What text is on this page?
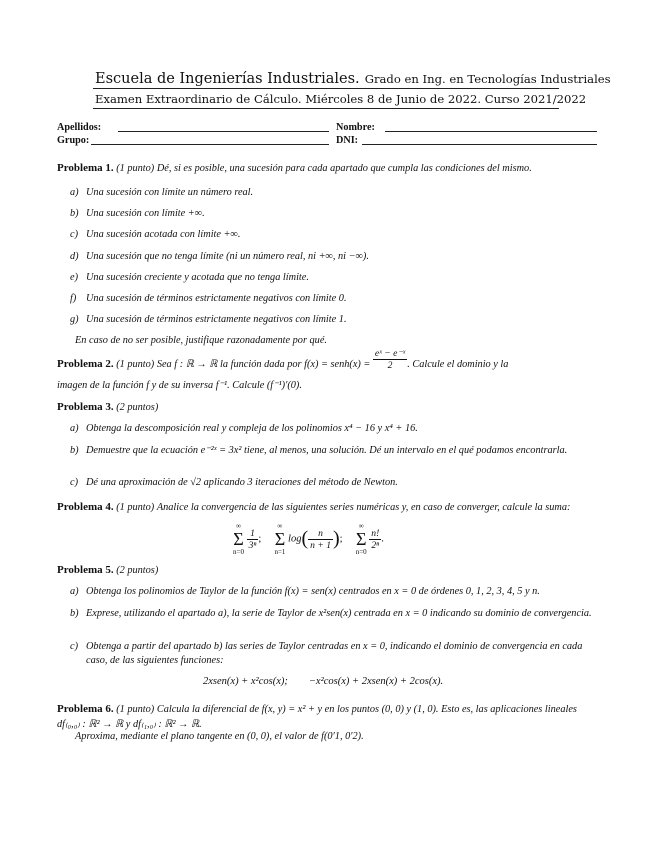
Escuela de Ingenierías Industriales. Grado en Ing. en Tecnologías Industriales
Examen Extraordinario de Cálculo. Miércoles 8 de Junio de 2022. Curso 2021/2022
Apellidos:	Nombre:
Grupo:	DNI:
Problema 1. (1 punto) Dé, si es posible, una sucesión para cada apartado que cumpla las condiciones del mismo.
a) Una sucesión con límite un número real.
b) Una sucesión con límite +∞.
c) Una sucesión acotada con límite +∞.
d) Una sucesión que no tenga límite (ni un número real, ni +∞, ni −∞).
e) Una sucesión creciente y acotada que no tenga límite.
f) Una sucesión de términos estrictamente negativos con límite 0.
g) Una sucesión de términos estrictamente negativos con límite 1.
En caso de no ser posible, justifique razonadamente por qué.
Problema 2. (1 punto) Sea f : ℝ → ℝ la función dada por f(x) = senh(x) = $\frac{\text{eˣ − e⁻ˣ}}{2}$ . Calcule el dominio y la
imagen de la función f y de su inversa f⁻¹. Calcule (f⁻¹)′(0).
Problema 3. (2 puntos)
a) Obtenga la descomposición real y compleja de los polinomios x⁴ − 16 y x⁴ + 16.
b) Demuestre que la ecuación e⁻²ˣ = 3x² tiene, al menos, una solución. Dé un intervalo en el qué podamos encontrarla.
c) Dé una aproximación de √2 aplicando 3 iteraciones del método de Newton.
Problema 4. (1 punto) Analice la convergencia de las siguientes series numéricas y, en caso de converger, calcule la suma:
∞
Σ
n=0

$\frac{1}{\text{3ⁿ}}$ ;
∞
Σ
n=1
$\log( \frac{n}{n + 1}$ );
∞
Σ
n=0

$\frac{n!}{\text{2ⁿ}}$ .
Problema 5. (2 puntos)
a) Obtenga los polinomios de Taylor de la función f(x) = sen(x) centrados en x = 0 de órdenes 0, 1, 2, 3, 4, 5 y n.
b) Exprese, utilizando el apartado a), la serie de Taylor de x²sen(x) centrada en x = 0 indicando su dominio de convergencia.
c) Obtenga a partir del apartado b) las series de Taylor centradas en x = 0, indicando el dominio de convergencia en cada caso, de las siguientes funciones:
2xsen(x) + x²cos(x);        −x²cos(x) + 2xsen(x) + 2cos(x).
Problema 6. (1 punto) Calcula la diferencial de f(x, y) = x² + y en los puntos (0, 0) y (1, 0). Esto es, las aplicaciones lineales df₍₀,₀₎ : ℝ² → ℝ y df₍₁,₀₎ : ℝ² → ℝ.
Aproxima, mediante el plano tangente en (0, 0), el valor de f(0′1, 0′2).
